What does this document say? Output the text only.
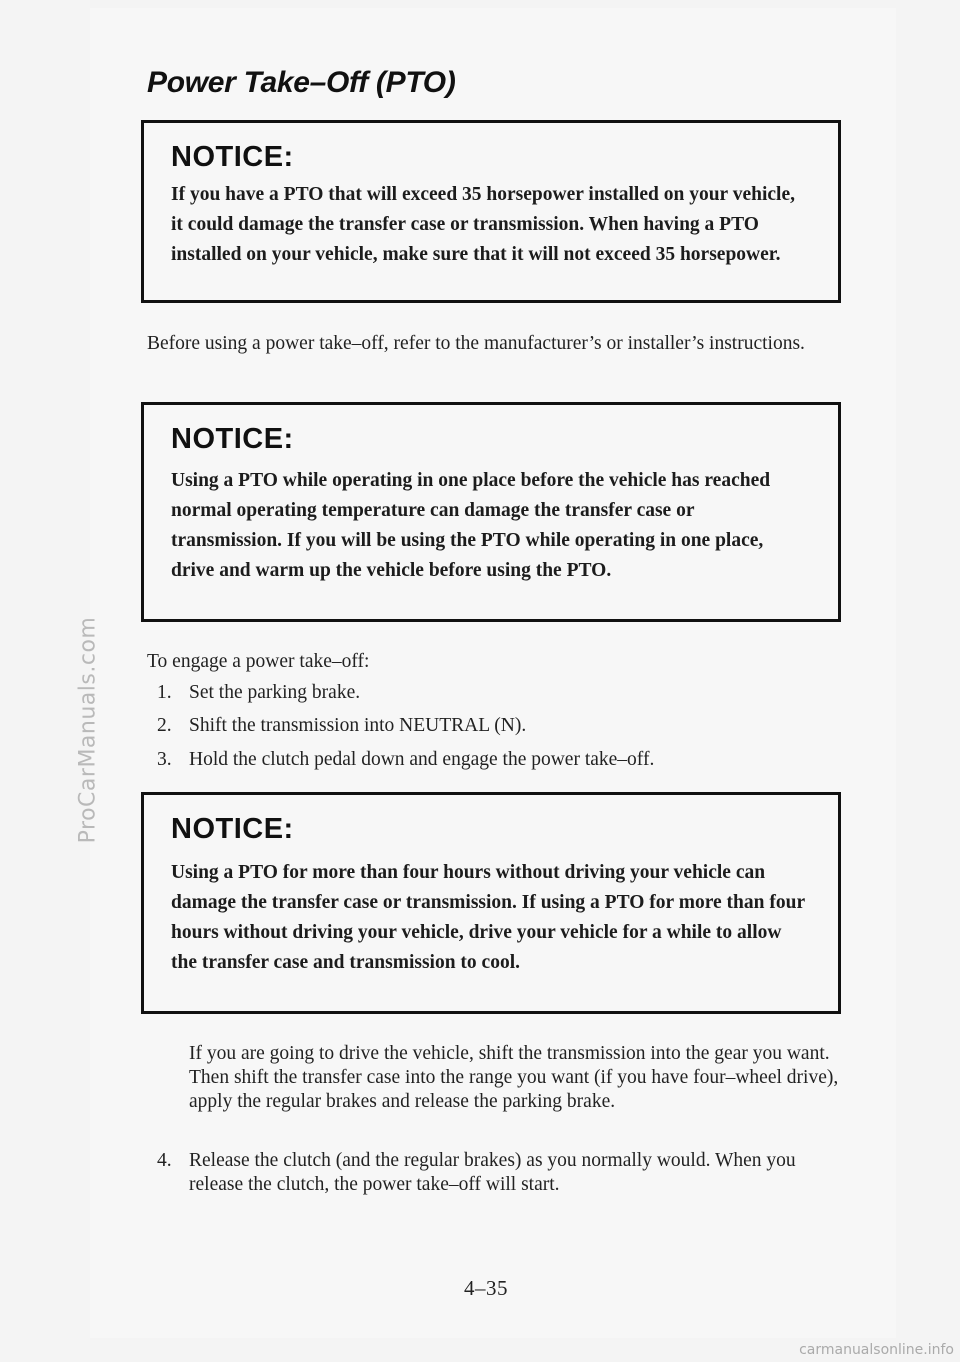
ProCarManuals.com
Power Take–Off (PTO)
NOTICE:

If you have a PTO that will exceed 35 horsepower installed on your vehicle, it could damage the transfer case or transmission. When having a PTO installed on your vehicle, make sure that it will not exceed 35 horsepower.

Before using a power take–off, refer to the manufacturer’s or installer’s instructions.

NOTICE:

Using a PTO while operating in one place before the vehicle has reached normal operating temperature can damage the transfer case or transmission. If you will be using the PTO while operating in one place, drive and warm up the vehicle before using the PTO.

To engage a power take–off:

1. Set the parking brake.

2. Shift the transmission into NEUTRAL (N).

3. Hold the clutch pedal down and engage the power take–off.

NOTICE:

Using a PTO for more than four hours without driving your vehicle can damage the transfer case or transmission. If using a PTO for more than four hours without driving your vehicle, drive your vehicle for a while to allow the transfer case and transmission to cool.

If you are going to drive the vehicle, shift the transmission into the gear you want. Then shift the transfer case into the range you want (if you have four–wheel drive), apply the regular brakes and release the parking brake.

4. Release the clutch (and the regular brakes) as you normally would. When you release the clutch, the power take–off will start.

4–35

carmanualsonline.info
